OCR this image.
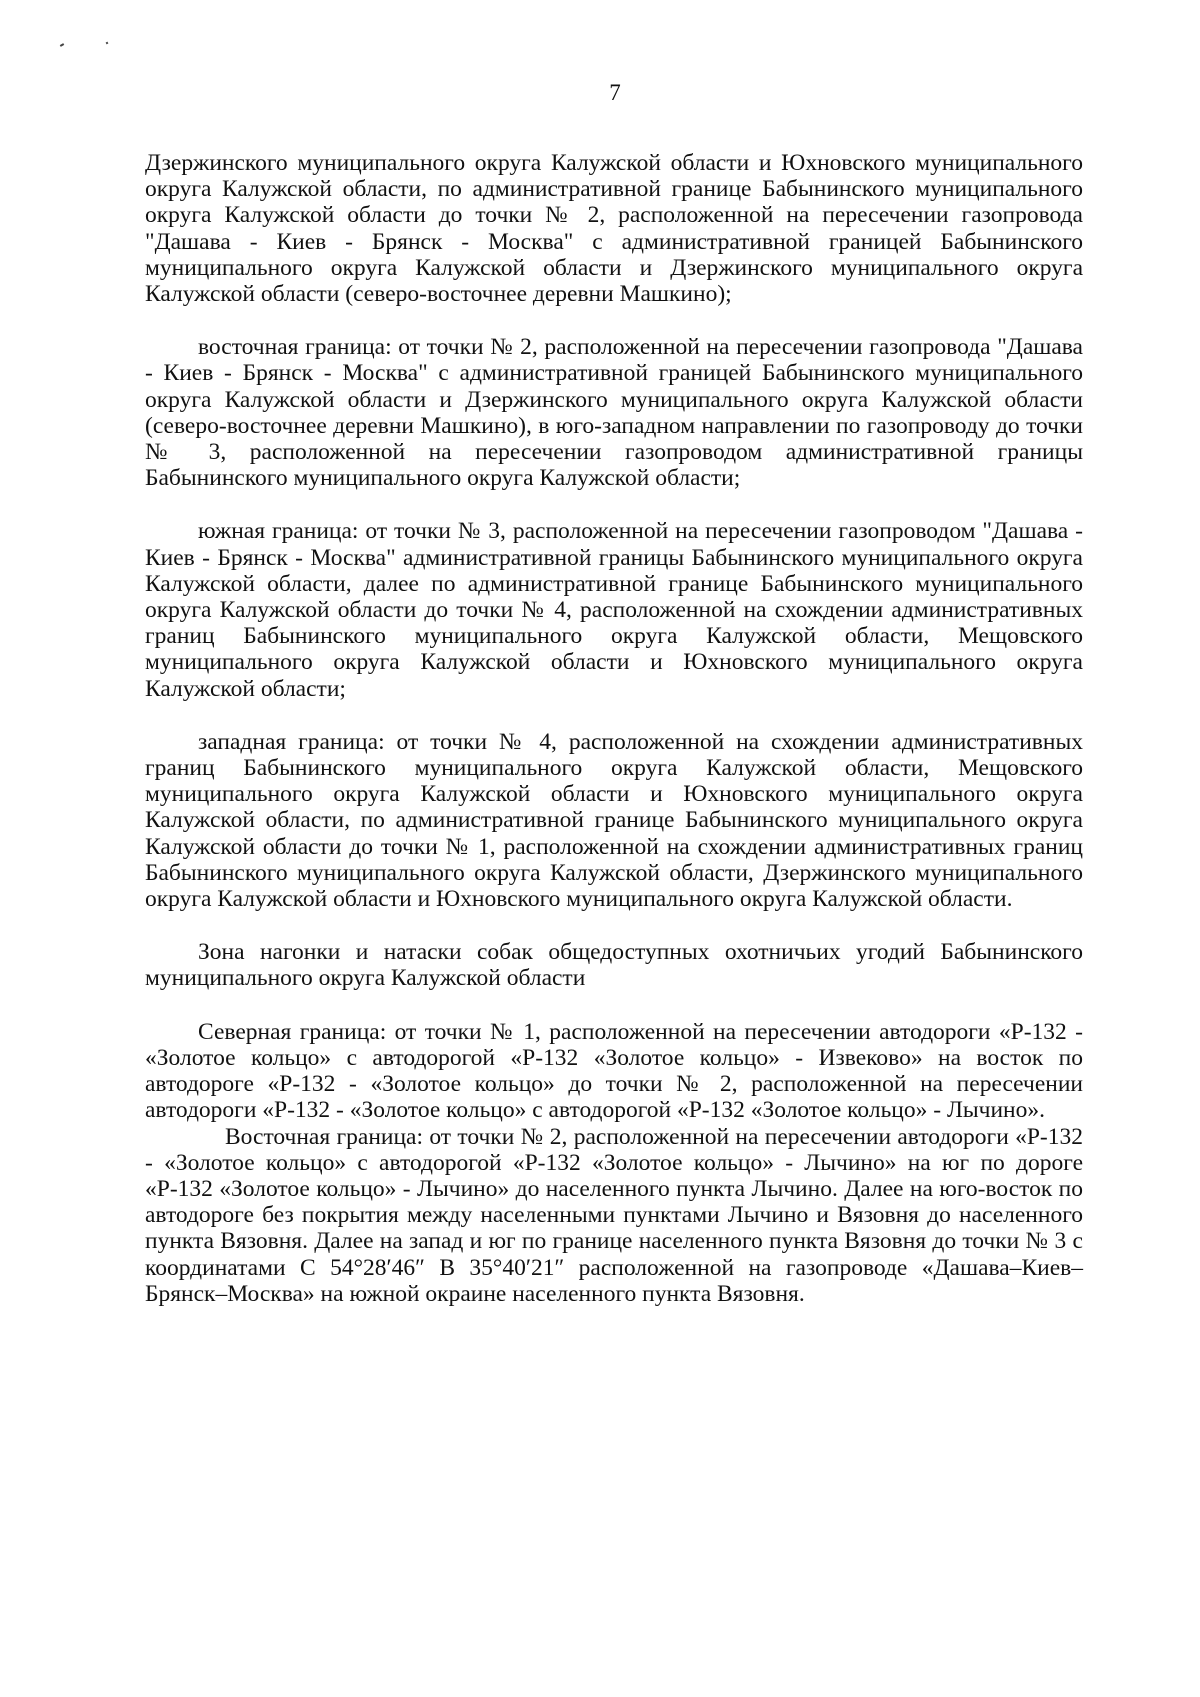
7

Дзержинского муниципального округа Калужской области и Юхновского муниципального округа Калужской области, по административной границе Бабынинского муниципального округа Калужской области до точки № 2, расположенной на пересечении газопровода "Дашава - Киев - Брянск - Москва" с административной границей Бабынинского муниципального округа Калужской области и Дзержинского муниципального округа Калужской области (северо-восточнее деревни Машкино);

восточная граница: от точки № 2, расположенной на пересечении газопровода "Дашава - Киев - Брянск - Москва" с административной границей Бабынинского муниципального округа Калужской области и Дзержинского муниципального округа Калужской области (северо-восточнее деревни Машкино), в юго-западном направлении по газопроводу до точки № 3, расположенной на пересечении газопроводом административной границы Бабынинского муниципального округа Калужской области;

южная граница: от точки № 3, расположенной на пересечении газопроводом "Дашава - Киев - Брянск - Москва" административной границы Бабынинского муниципального округа Калужской области, далее по административной границе Бабынинского муниципального округа Калужской области до точки № 4, расположенной на схождении административных границ Бабынинского муниципального округа Калужской области, Мещовского муниципального округа Калужской области и Юхновского муниципального округа Калужской области;

западная граница: от точки № 4, расположенной на схождении административных границ Бабынинского муниципального округа Калужской области, Мещовского муниципального округа Калужской области и Юхновского муниципального округа Калужской области, по административной границе Бабынинского муниципального округа Калужской области до точки № 1, расположенной на схождении административных границ Бабынинского муниципального округа Калужской области, Дзержинского муниципального округа Калужской области и Юхновского муниципального округа Калужской области.

Зона нагонки и натаски собак общедоступных охотничьих угодий Бабынинского муниципального округа Калужской области

Северная граница: от точки № 1, расположенной на пересечении автодороги «Р-132 - «Золотое кольцо» с автодорогой «Р-132 «Золотое кольцо» - Извеково» на восток по автодороге «Р-132 - «Золотое кольцо» до точки № 2, расположенной на пересечении автодороги «Р-132 - «Золотое кольцо» с автодорогой «Р-132 «Золотое кольцо» - Лычино».

Восточная граница: от точки № 2, расположенной на пересечении автодороги «Р-132 - «Золотое кольцо» с автодорогой «Р-132 «Золотое кольцо» - Лычино» на юг по дороге «Р-132 «Золотое кольцо» - Лычино» до населенного пункта Лычино. Далее на юго-восток по автодороге без покрытия между населенными пунктами Лычино и Вязовня до населенного пункта Вязовня. Далее на запад и юг по границе населенного пункта Вязовня до точки № 3 с координатами С 54°28′46″ В 35°40′21″ расположенной на газопроводе «Дашава–Киев–Брянск–Москва» на южной окраине населенного пункта Вязовня.
